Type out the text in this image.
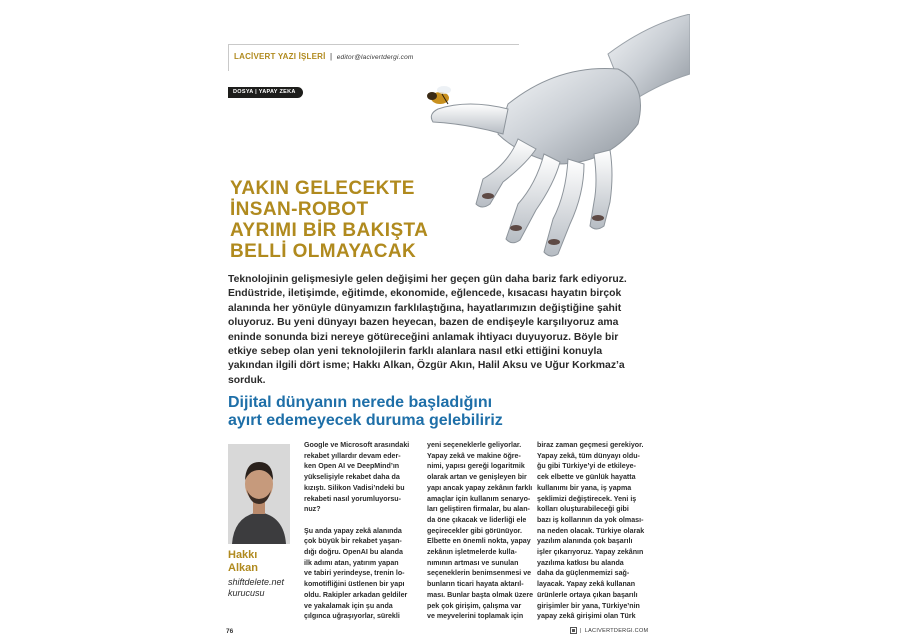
LACİVERT YAZI İŞLERİ | editor@lacivertdergi.com
DOSYA | YAPAY ZEKA
YAKIN GELECEKTE
İNSAN-ROBOT
AYRIMI BİR BAKIŞTA
BELLİ OLMAYACAK

Teknolojinin gelişmesiyle gelen değişimi her geçen gün daha bariz fark ediyoruz. Endüstride, iletişimde, eğitimde, ekonomide, eğlencede, kısacası hayatın birçok alanında her yönüyle dünyamızın farklılaştığına, hayatlarımızın değiştiğine şahit oluyoruz. Bu yeni dünyayı bazen heyecan, bazen de endişeyle karşılıyoruz ama eninde sonunda bizi nereye götüreceğini anlamak ihtiyacı duyuyoruz. Böyle bir etkiye sebep olan yeni teknolojilerin farklı alanlara nasıl etki ettiğini konuyla yakından ilgili dört isme; Hakkı Alkan, Özgür Akın, Halil Aksu ve Uğur Korkmaz’a sorduk.

Dijital dünyanın nerede başladığını
ayırt edemeyecek duruma gelebiliriz
Hakkı
Alkan
shiftdelete.net
kurucusu

Google ve Microsoft arasındaki
rekabet yıllardır devam eder-
ken Open AI ve DeepMind’ın
yükselişiyle rekabet daha da
kızıştı. Silikon Vadisi’ndeki bu
rekabeti nasıl yorumluyorsu-
nuz?

Şu anda yapay zekâ alanında
çok büyük bir rekabet yaşan-
dığı doğru. OpenAI bu alanda
ilk adımı atan, yatırım yapan
ve tabiri yerindeyse, trenin lo-
komotifliğini üstlenen bir yapı
oldu. Rakipler arkadan geldiler
ve yakalamak için şu anda
çılgınca uğraşıyorlar, sürekli

yeni seçeneklerle geliyorlar.
Yapay zekâ ve makine öğre-
nimi, yapısı gereği logaritmik
olarak artan ve genişleyen bir
yapı ancak yapay zekânın farklı
amaçlar için kullanım senaryo-
ları geliştiren firmalar, bu alan-
da öne çıkacak ve liderliği ele
geçirecekler gibi görünüyor.
Elbette en önemli nokta, yapay
zekânın işletmelerde kulla-
nımının artması ve sunulan
seçeneklerin benimsenmesi ve
bunların ticari hayata aktarıl-
ması. Bunlar başta olmak üzere
pek çok girişim, çalışma var
ve meyvelerini toplamak için

biraz zaman geçmesi gerekiyor.
Yapay zekâ, tüm dünyayı oldu-
ğu gibi Türkiye’yi de etkileye-
cek elbette ve günlük hayatta
kullanımı bir yana, iş yapma
şeklimizi değiştirecek. Yeni iş
kolları oluşturabileceği gibi
bazı iş kollarının da yok olması-
na neden olacak. Türkiye olarak
yazılım alanında çok başarılı
işler çıkarıyoruz. Yapay zekânın
yazılıma katkısı bu alanda
daha da güçlenmemizi sağ-
layacak. Yapay zekâ kullanan
ürünlerle ortaya çıkan başarılı
girişimler bir yana, Türkiye’nin
yapay zekâ girişimi olan Türk

76	| LACIVERTDERGI.COM
